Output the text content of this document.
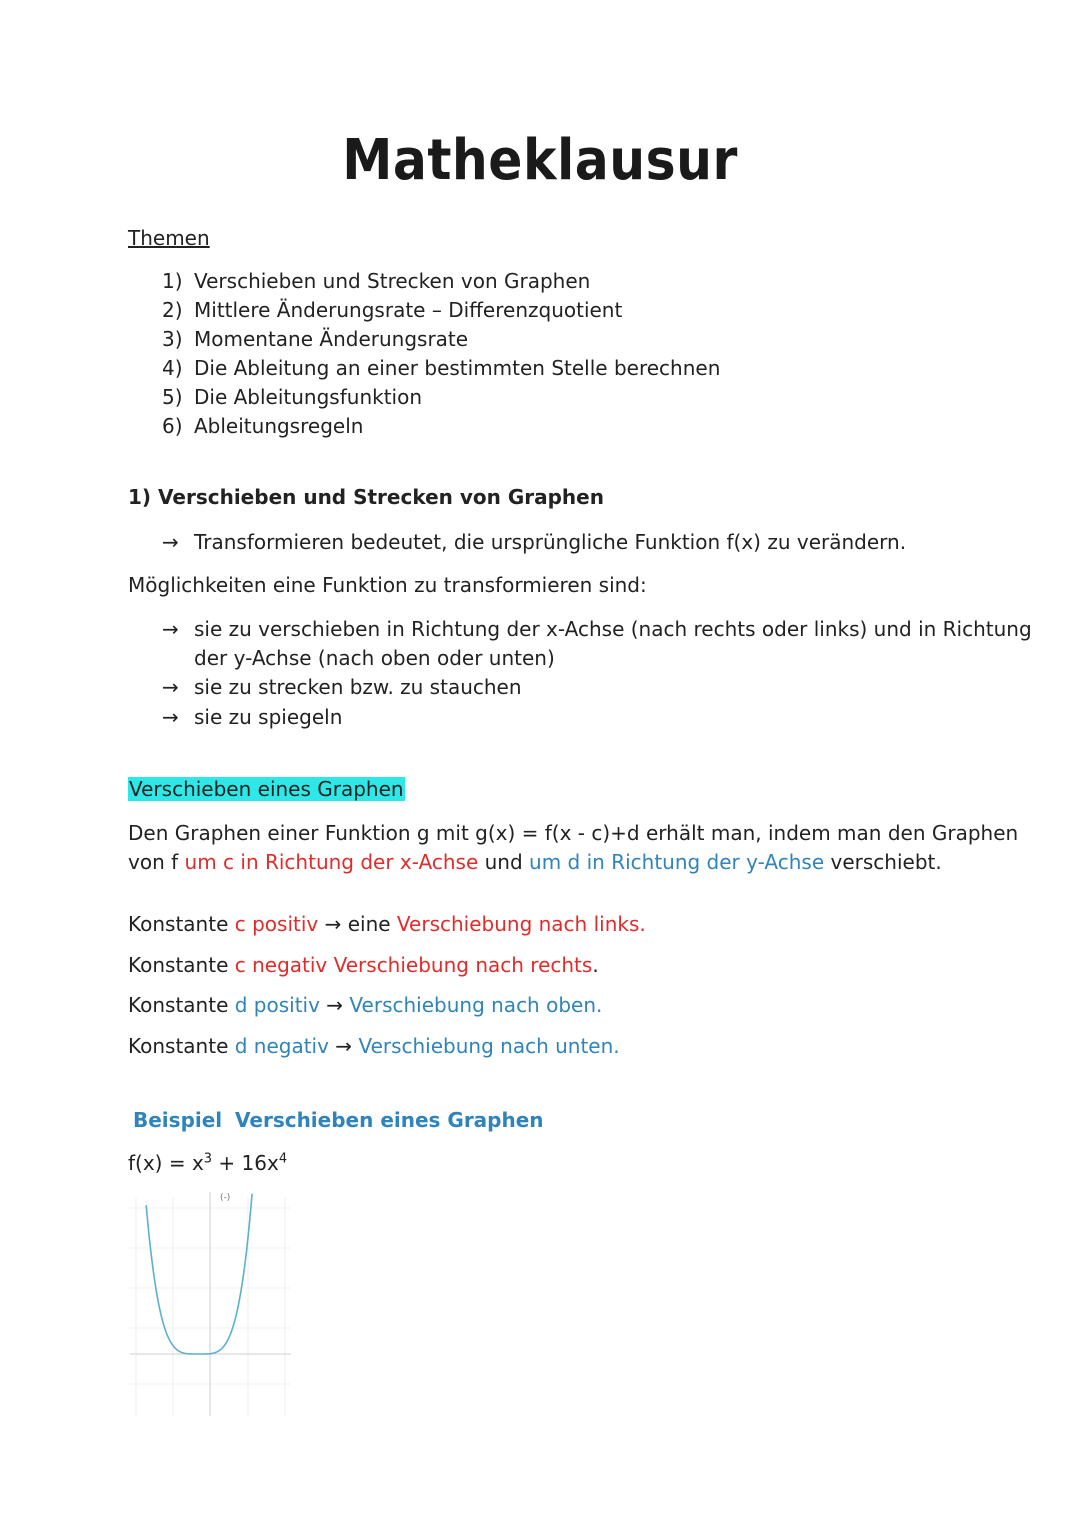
Matheklausur
Themen
1) Verschieben und Strecken von Graphen
2) Mittlere Änderungsrate – Differenzquotient
3) Momentane Änderungsrate
4) Die Ableitung an einer bestimmten Stelle berechnen
5) Die Ableitungsfunktion
6) Ableitungsregeln
1) Verschieben und Strecken von Graphen
→ Transformieren bedeutet, die ursprüngliche Funktion f(x) zu verändern.
Möglichkeiten eine Funktion zu transformieren sind:
→ sie zu verschieben in Richtung der x-Achse (nach rechts oder links) und in Richtung
der y-Achse (nach oben oder unten)
→ sie zu strecken bzw. zu stauchen
→ sie zu spiegeln
Verschieben eines Graphen
Den Graphen einer Funktion g mit g(x) = f(x - c)+d erhält man, indem man den Graphen
von f um c in Richtung der x-Achse und um d in Richtung der y-Achse verschiebt.
Konstante c positiv → eine Verschiebung nach links.
Konstante c negativ Verschiebung nach rechts.
Konstante d positiv → Verschiebung nach oben.
Konstante d negativ → Verschiebung nach unten.
Beispiel Verschieben eines Graphen
$f(x) = x^3 + 16x^4$
(-)
